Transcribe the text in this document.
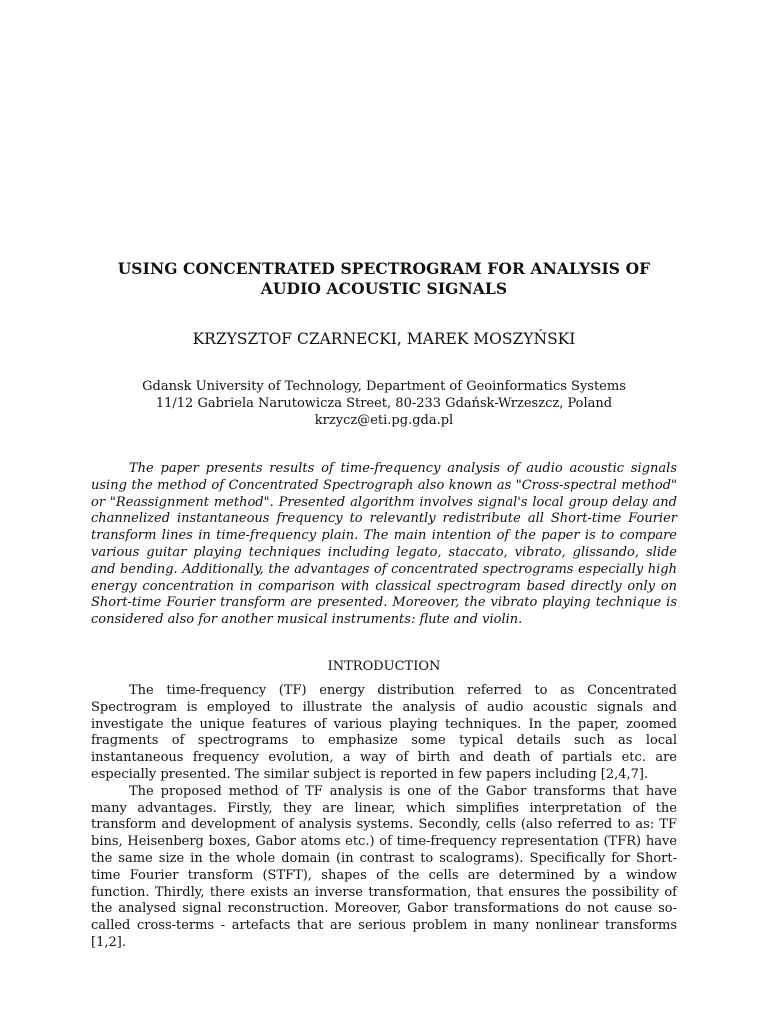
USING CONCENTRATED SPECTROGRAM FOR ANALYSIS OF
AUDIO ACOUSTIC SIGNALS
KRZYSZTOF CZARNECKI, MAREK MOSZYŃSKI
Gdansk University of Technology, Department of Geoinformatics Systems
11/12 Gabriela Narutowicza Street, 80-233 Gdańsk-Wrzeszcz, Poland
krzycz@eti.pg.gda.pl

The paper presents results of time-frequency analysis of audio acoustic signals using the method of Concentrated Spectrograph also known as "Cross-spectral method" or "Reassignment method". Presented algorithm involves signal's local group delay and channelized instantaneous frequency to relevantly redistribute all Short-time Fourier transform lines in time-frequency plain. The main intention of the paper is to compare various guitar playing techniques including legato, staccato, vibrato, glissando, slide and bending. Additionally, the advantages of concentrated spectrograms especially high energy concentration in comparison with classical spectrogram based directly only on Short-time Fourier transform are presented. Moreover, the vibrato playing technique is considered also for another musical instruments: flute and violin.

INTRODUCTION

The time-frequency (TF) energy distribution referred to as Concentrated Spectrogram is employed to illustrate the analysis of audio acoustic signals and investigate the unique features of various playing techniques. In the paper, zoomed fragments of spectrograms to emphasize some typical details such as local instantaneous frequency evolution, a way of birth and death of partials etc. are especially presented. The similar subject is reported in few papers including [2,4,7].

The proposed method of TF analysis is one of the Gabor transforms that have many advantages. Firstly, they are linear, which simplifies interpretation of the transform and development of analysis systems. Secondly, cells (also referred to as: TF bins, Heisenberg boxes, Gabor atoms etc.) of time-frequency representation (TFR) have the same size in the whole domain (in contrast to scalograms). Specifically for Short-time Fourier transform (STFT), shapes of the cells are determined by a window function. Thirdly, there exists an inverse transformation, that ensures the possibility of the analysed signal reconstruction. Moreover, Gabor transformations do not cause so-called cross-terms - artefacts that are serious problem in many nonlinear transforms [1,2].
